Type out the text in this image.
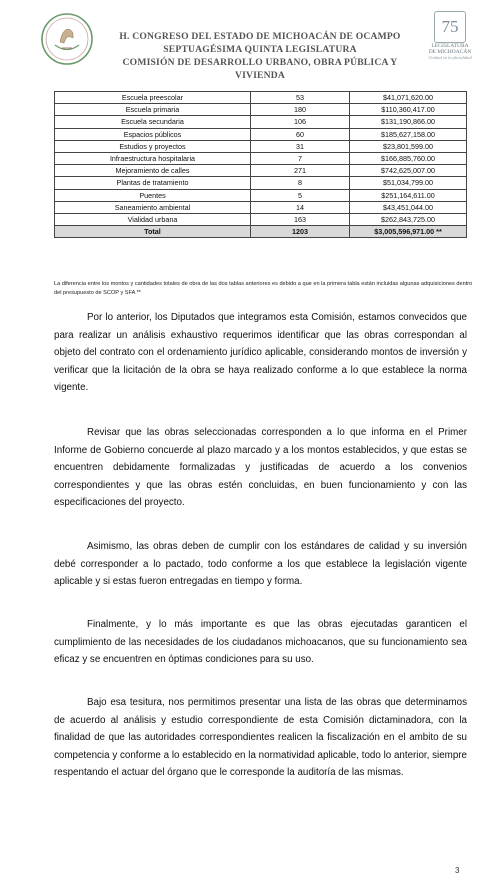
H. CONGRESO DEL ESTADO DE MICHOACÁN DE OCAMPO
SEPTUAGÉSIMA QUINTA LEGISLATURA
COMISIÓN DE DESARROLLO URBANO, OBRA PÚBLICA Y VIVIENDA
75
LEGISLATURA
DE MICHOACÁN
Unidad en la pluralidad
Escuela preescolar	53	$41,071,620.00
Escuela primaria	180	$110,360,417.00
Escuela secundaria	106	$131,190,866.00
Espacios públicos	60	$185,627,158.00
Estudios y proyectos	31	$23,801,599.00
Infraestructura hospitalaria	7	$166,885,760.00
Mejoramiento de calles	271	$742,625,007.00
Plantas de tratamiento	8	$51,034,799.00
Puentes	5	$251,164,611.00
Saneamiento ambiental	14	$43,451,044.00
Vialidad urbana	163	$262,843,725.00
Total	1203	$3,005,596,971.00 **
La diferencia entre los montos y cantidades totales de obra de las dos tablas anteriores es debido a que en la primera tabla están incluidas algunas adquisiciones dentro del presupuesto de SCOP y SFA **

Por lo anterior, los Diputados que integramos esta Comisión, estamos convecidos que para realizar un análisis exhaustivo requerimos identificar que las obras correspondan al objeto del contrato con el ordenamiento jurídico aplicable, considerando montos de inversión y verificar que la licitación de la obra se haya realizado conforme a lo que establece la norma vigente.

Revisar que las obras seleccionadas corresponden a lo que informa en el Primer Informe de Gobierno concuerde al plazo marcado y a los montos establecidos, y que estas se encuentren debidamente formalizadas y justificadas de acuerdo a los convenios correspondientes y que las obras estén concluidas, en buen funcionamiento y con las especificaciones del proyecto.

Asimismo, las obras deben de cumplir con los estándares de calidad y su inversión debé corresponder a lo pactado, todo conforme a los que establece la legislación vigente aplicable y si estas fueron entregadas en tiempo y forma.

Finalmente, y lo más importante es que las obras ejecutadas garanticen el cumplimiento de las necesidades de los ciudadanos michoacanos, que su funcionamiento sea eficaz y se encuentren en óptimas condiciones para su uso.

Bajo esa tesitura, nos permitimos presentar una lista de las obras que determinamos de acuerdo al análisis y estudio correspondiente de esta Comisión dictaminadora, con la finalidad de que las autoridades correspondientes realicen la fiscalización en el ambito de su competencia y conforme a lo establecido en la normatividad aplicable, todo lo anterior, siempre respentando el actuar del órgano que le corresponde la auditoría de las mismas.

3
